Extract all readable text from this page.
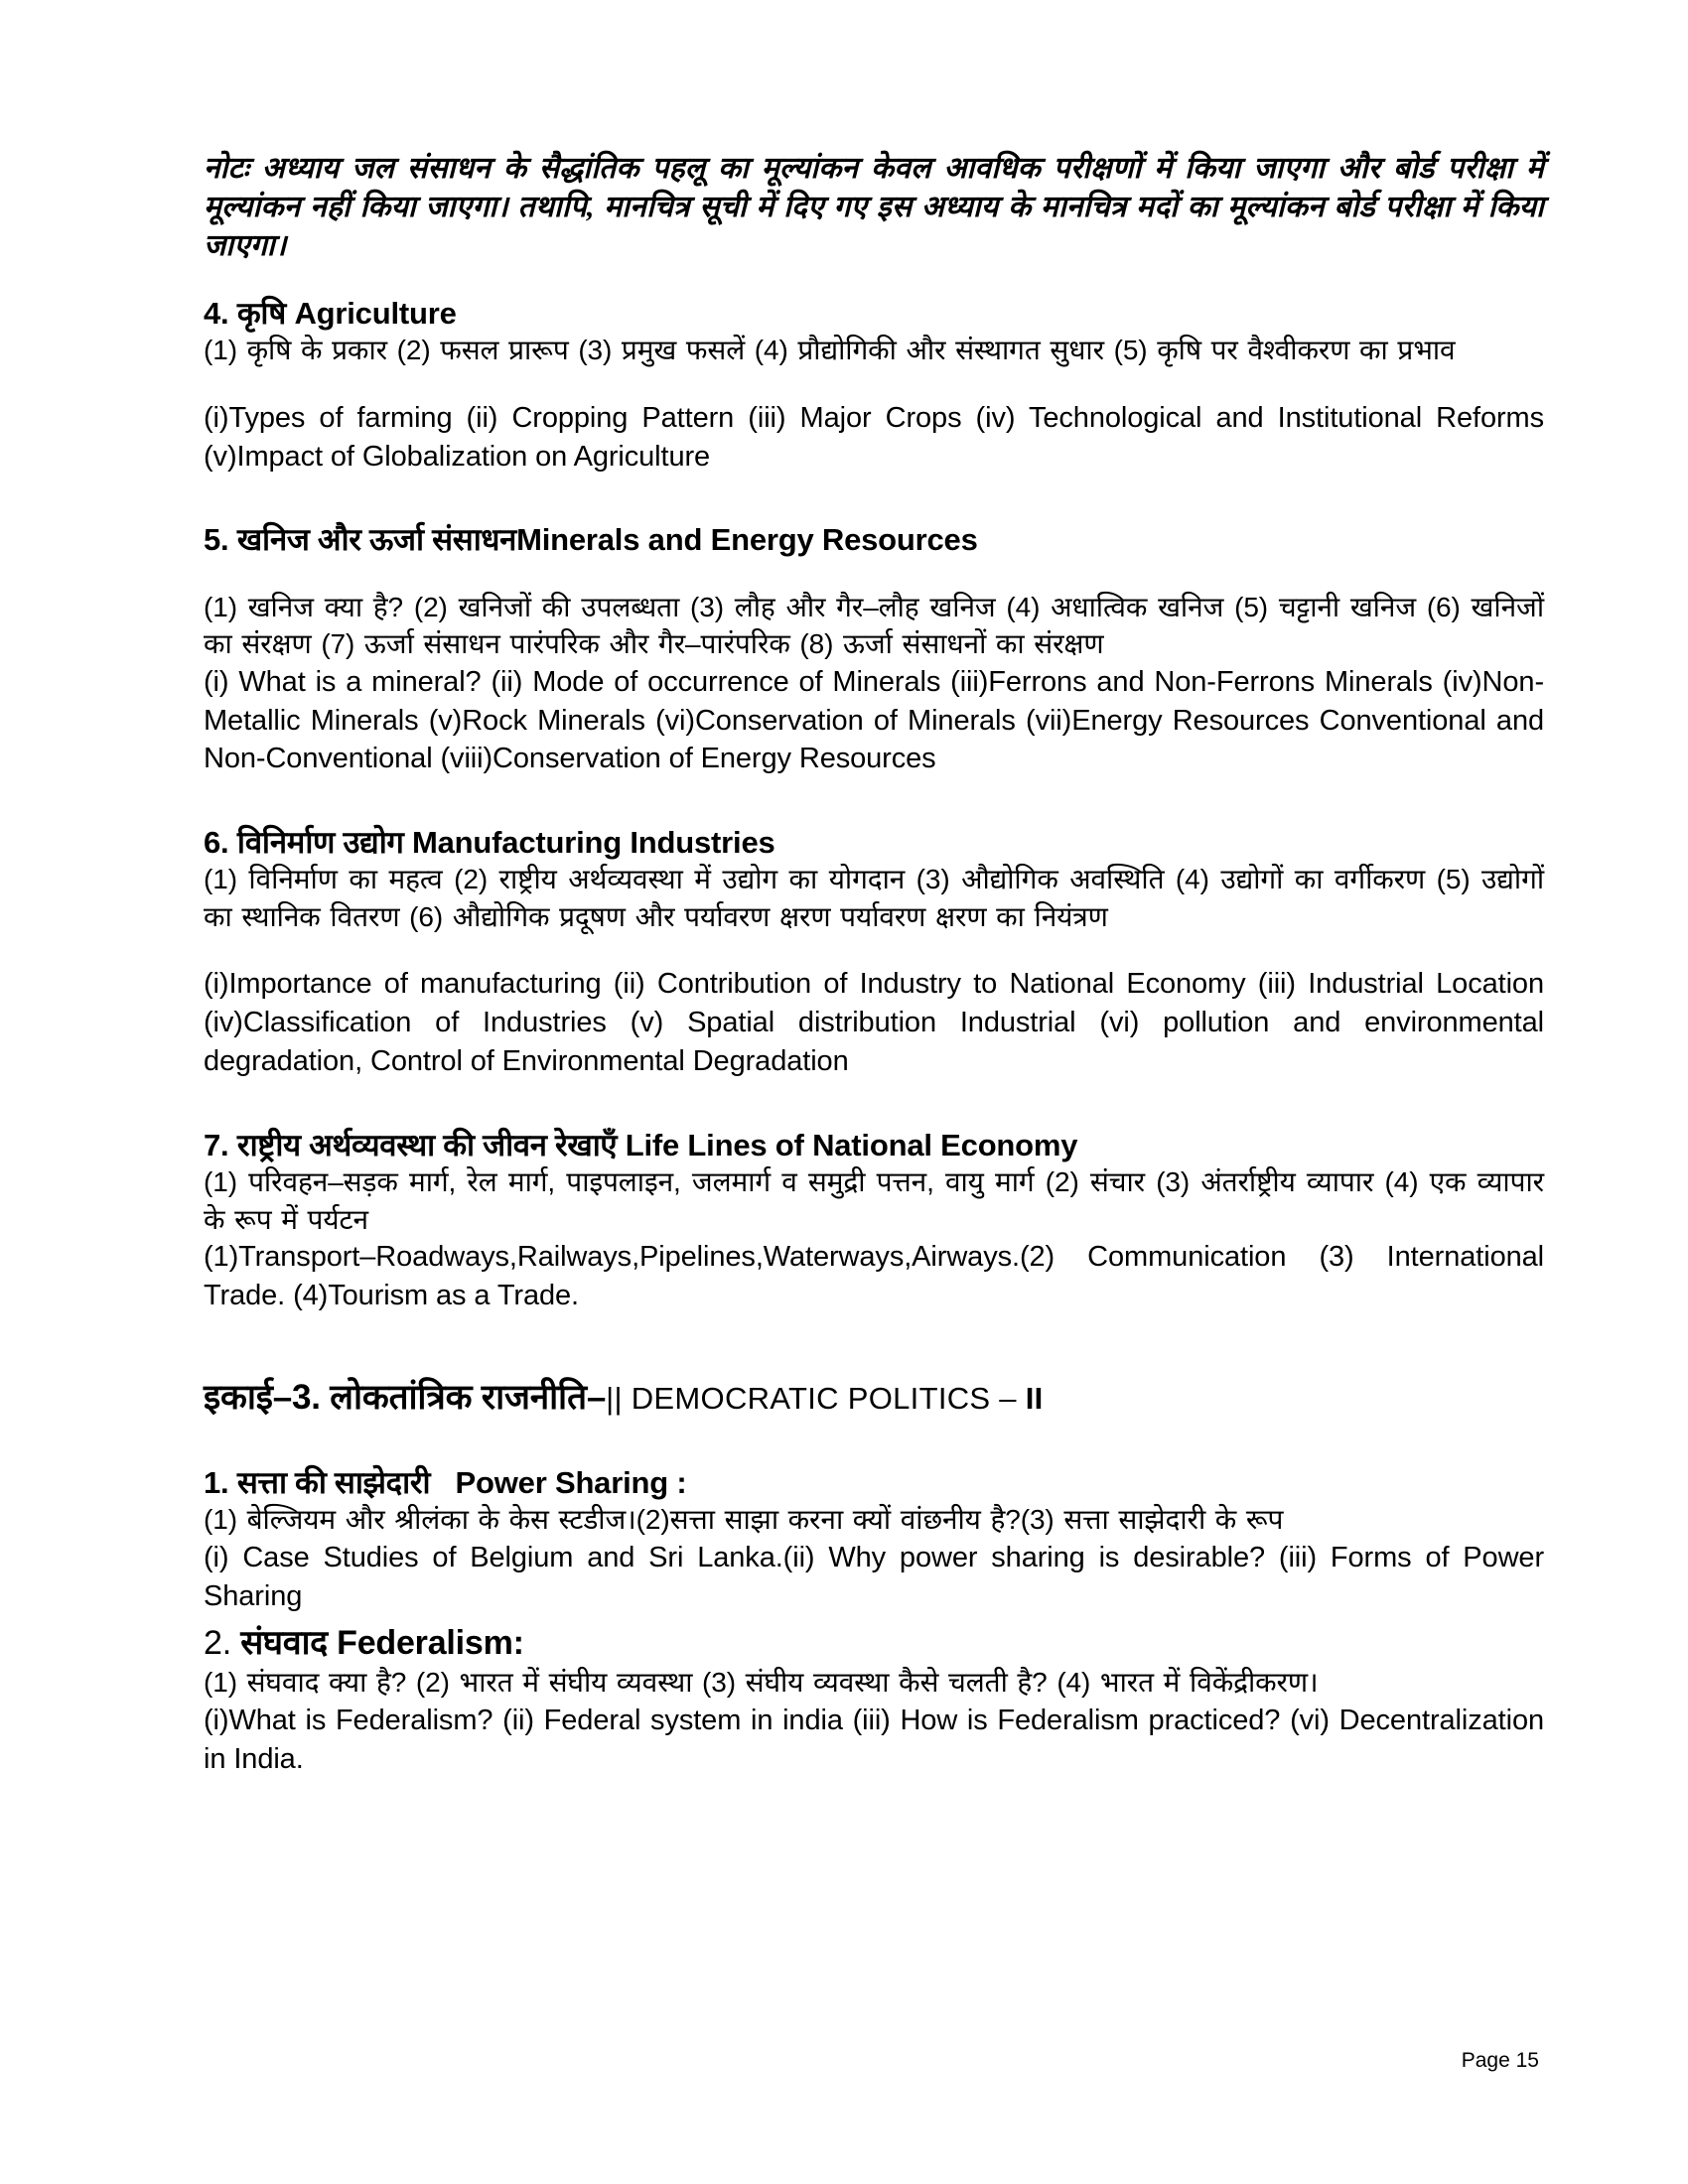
नोटः अध्याय जल संसाधन के सैद्धांतिक पहलू का मूल्यांकन केवल आवधिक परीक्षणों में किया जाएगा और बोर्ड परीक्षा में मूल्यांकन नहीं किया जाएगा। तथापि, मानचित्र सूची में दिए गए इस अध्याय के मानचित्र मदों का मूल्यांकन बोर्ड परीक्षा में किया जाएगा।

4. कृषि Agriculture

(1) कृषि के प्रकार (2) फसल प्रारूप (3) प्रमुख फसलें (4) प्रौद्योगिकी और संस्थागत सुधार (5) कृषि पर वैश्वीकरण का प्रभाव

(i)Types of farming (ii) Cropping Pattern (iii) Major Crops (iv) Technological and Institutional Reforms (v)Impact of Globalization on Agriculture

5. खनिज और ऊर्जा संसाधनMinerals and Energy Resources

(1) खनिज क्या है? (2) खनिजों की उपलब्धता (3) लौह और गैर–लौह खनिज (4) अधात्विक खनिज (5) चट्टानी खनिज (6) खनिजों का संरक्षण (7) ऊर्जा संसाधन पारंपरिक और गैर–पारंपरिक (8) ऊर्जा संसाधनों का संरक्षण

(i) What is a mineral? (ii) Mode of occurrence of Minerals (iii)Ferrons and Non-Ferrons Minerals (iv)Non-Metallic Minerals (v)Rock Minerals (vi)Conservation of Minerals (vii)Energy Resources Conventional and Non-Conventional (viii)Conservation of Energy Resources

6. विनिर्माण उद्योग Manufacturing Industries

(1) विनिर्माण का महत्व (2) राष्ट्रीय अर्थव्यवस्था में उद्योग का योगदान (3) औद्योगिक अवस्थिति (4) उद्योगों का वर्गीकरण (5) उद्योगों का स्थानिक वितरण (6) औद्योगिक प्रदूषण और पर्यावरण क्षरण पर्यावरण क्षरण का नियंत्रण

(i)Importance of manufacturing (ii) Contribution of Industry to National Economy (iii) Industrial Location (iv)Classification of Industries (v) Spatial distribution Industrial (vi) pollution and environmental degradation, Control of Environmental Degradation

7. राष्ट्रीय अर्थव्यवस्था की जीवन रेखाएँ Life Lines of National Economy

(1) परिवहन–सड़क मार्ग, रेल मार्ग, पाइपलाइन, जलमार्ग व समुद्री पत्तन, वायु मार्ग (2) संचार (3) अंतर्राष्ट्रीय व्यापार (4) एक व्यापार के रूप में पर्यटन

(1)Transport–Roadways,Railways,Pipelines,Waterways,Airways.(2) Communication (3) International Trade. (4)Tourism as a Trade.

इकाई–3. लोकतांत्रिक राजनीति–|| DEMOCRATIC POLITICS – II

1. सत्ता की साझेदारी Power Sharing :

(1) बेल्जियम और श्रीलंका के केस स्टडीज।(2)सत्ता साझा करना क्यों वांछनीय है?(3) सत्ता साझेदारी के रूप

(i) Case Studies of Belgium and Sri Lanka.(ii) Why power sharing is desirable? (iii) Forms of Power Sharing

2. संघवाद Federalism:

(1) संघवाद क्या है? (2) भारत में संघीय व्यवस्था (3) संघीय व्यवस्था कैसे चलती है? (4) भारत में विकेंद्रीकरण।

(i)What is Federalism? (ii) Federal system in india (iii) How is Federalism practiced? (vi) Decentralization in India.

Page 15
